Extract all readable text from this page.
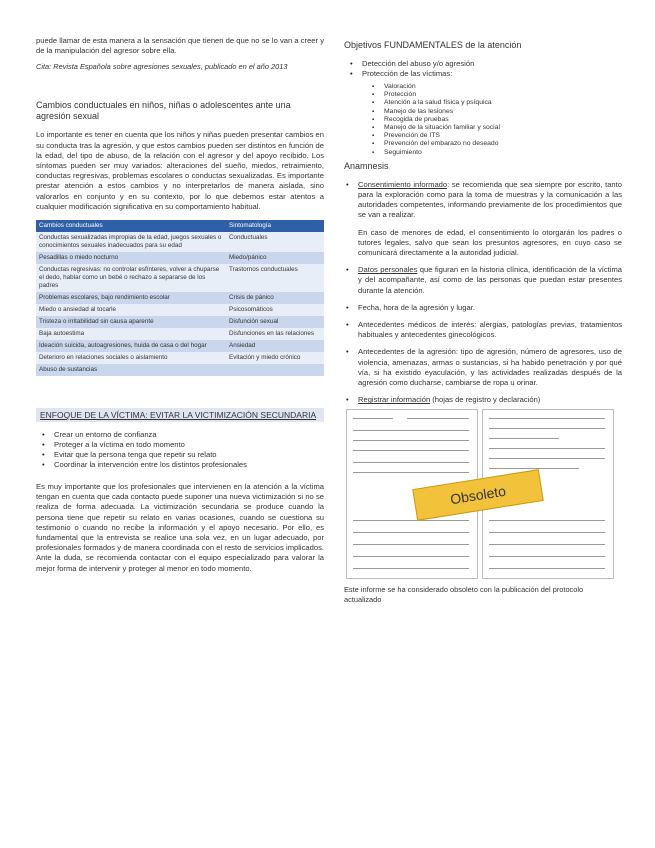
puede llamar de esta manera a la sensación que tienen de que no se lo van a creer y de la manipulación del agresor sobre ella.

Cita: Revista Española sobre agresiones sexuales, publicado en el año 2013

Cambios conductuales en niños, niñas o adolescentes ante una agresión sexual

Lo importante es tener en cuenta que los niños y niñas pueden presentar cambios en su conducta tras la agresión, y que estos cambios pueden ser distintos en función de la edad, del tipo de abuso, de la relación con el agresor y del apoyo recibido. Los síntomas pueden ser muy variados: alteraciones del sueño, miedos, retraimiento, conductas regresivas, problemas escolares o conductas sexualizadas. Es importante prestar atención a estos cambios y no interpretarlos de manera aislada, sino valorarlos en conjunto y en su contexto, por lo que debemos estar atentos a cualquier modificación significativa en su comportamiento habitual.

Cambios conductuales	Sintomatología
Conductas sexualizadas impropias de la edad, juegos sexuales o conocimientos sexuales inadecuados para su edad	Conductuales
Pesadillas o miedo nocturno	Miedo/pánico
Conductas regresivas: no controlar esfínteres, volver a chuparse el dedo, hablar como un bebé o rechazo a separarse de los padres	Trastornos conductuales
Problemas escolares, bajo rendimiento escolar	Crisis de pánico
Miedo o ansiedad al tocarle	Psicosomáticos
Tristeza o irritabilidad sin causa aparente	Disfunción sexual
Baja autoestima	Disfunciones en las relaciones
Ideación suicida, autoagresiones, huida de casa o del hogar	Ansiedad
Deterioro en relaciones sociales o aislamiento	Evitación y miedo crónico
Abuso de sustancias	
ENFOQUE DE LA VÍCTIMA: EVITAR LA VICTIMIZACIÓN SECUNDARIA
• Crear un entorno de confianza
• Proteger a la víctima en todo momento
• Evitar que la persona tenga que repetir su relato
• Coordinar la intervención entre los distintos profesionales

Es muy importante que los profesionales que intervienen en la atención a la víctima tengan en cuenta que cada contacto puede suponer una nueva victimización si no se realiza de forma adecuada. La victimización secundaria se produce cuando la persona tiene que repetir su relato en varias ocasiones, cuando se cuestiona su testimonio o cuando no recibe la información y el apoyo necesario. Por ello, es fundamental que la entrevista se realice una sola vez, en un lugar adecuado, por profesionales formados y de manera coordinada con el resto de servicios implicados. Ante la duda, se recomienda contactar con el equipo especializado para valorar la mejor forma de intervenir y proteger al menor en todo momento.

Objetivos FUNDAMENTALES de la atención

• Detección del abuso y/o agresión
• Protección de las víctimas:
▪ Valoración
▪ Protección
▪ Atención a la salud física y psíquica
▪ Manejo de las lesiones
▪ Recogida de pruebas
▪ Manejo de la situación familiar y social
▪ Prevención de ITS
▪ Prevención del embarazo no deseado
▪ Seguimiento

Anamnesis

• Consentimiento informado: se recomienda que sea siempre por escrito, tanto para la exploración como para la toma de muestras y la comunicación a las autoridades competentes, informando previamente de los procedimientos que se van a realizar.

En caso de menores de edad, el consentimiento lo otorgarán los padres o tutores legales, salvo que sean los presuntos agresores, en cuyo caso se comunicará directamente a la autoridad judicial.

• Datos personales que figuran en la historia clínica, identificación de la víctima y del acompañante, así como de las personas que puedan estar presentes durante la atención.
• Fecha, hora de la agresión y lugar.
• Antecedentes médicos de interés: alergias, patologías previas, tratamientos habituales y antecedentes ginecológicos.
• Antecedentes de la agresión: tipo de agresión, número de agresores, uso de violencia, amenazas, armas o sustancias, si ha habido penetración y por qué vía, si ha existido eyaculación, y las actividades realizadas después de la agresión como ducharse, cambiarse de ropa u orinar.
• Registrar información (hojas de registro y declaración)
Obsoleto

Este informe se ha considerado obsoleto con la publicación del protocolo actualizado
